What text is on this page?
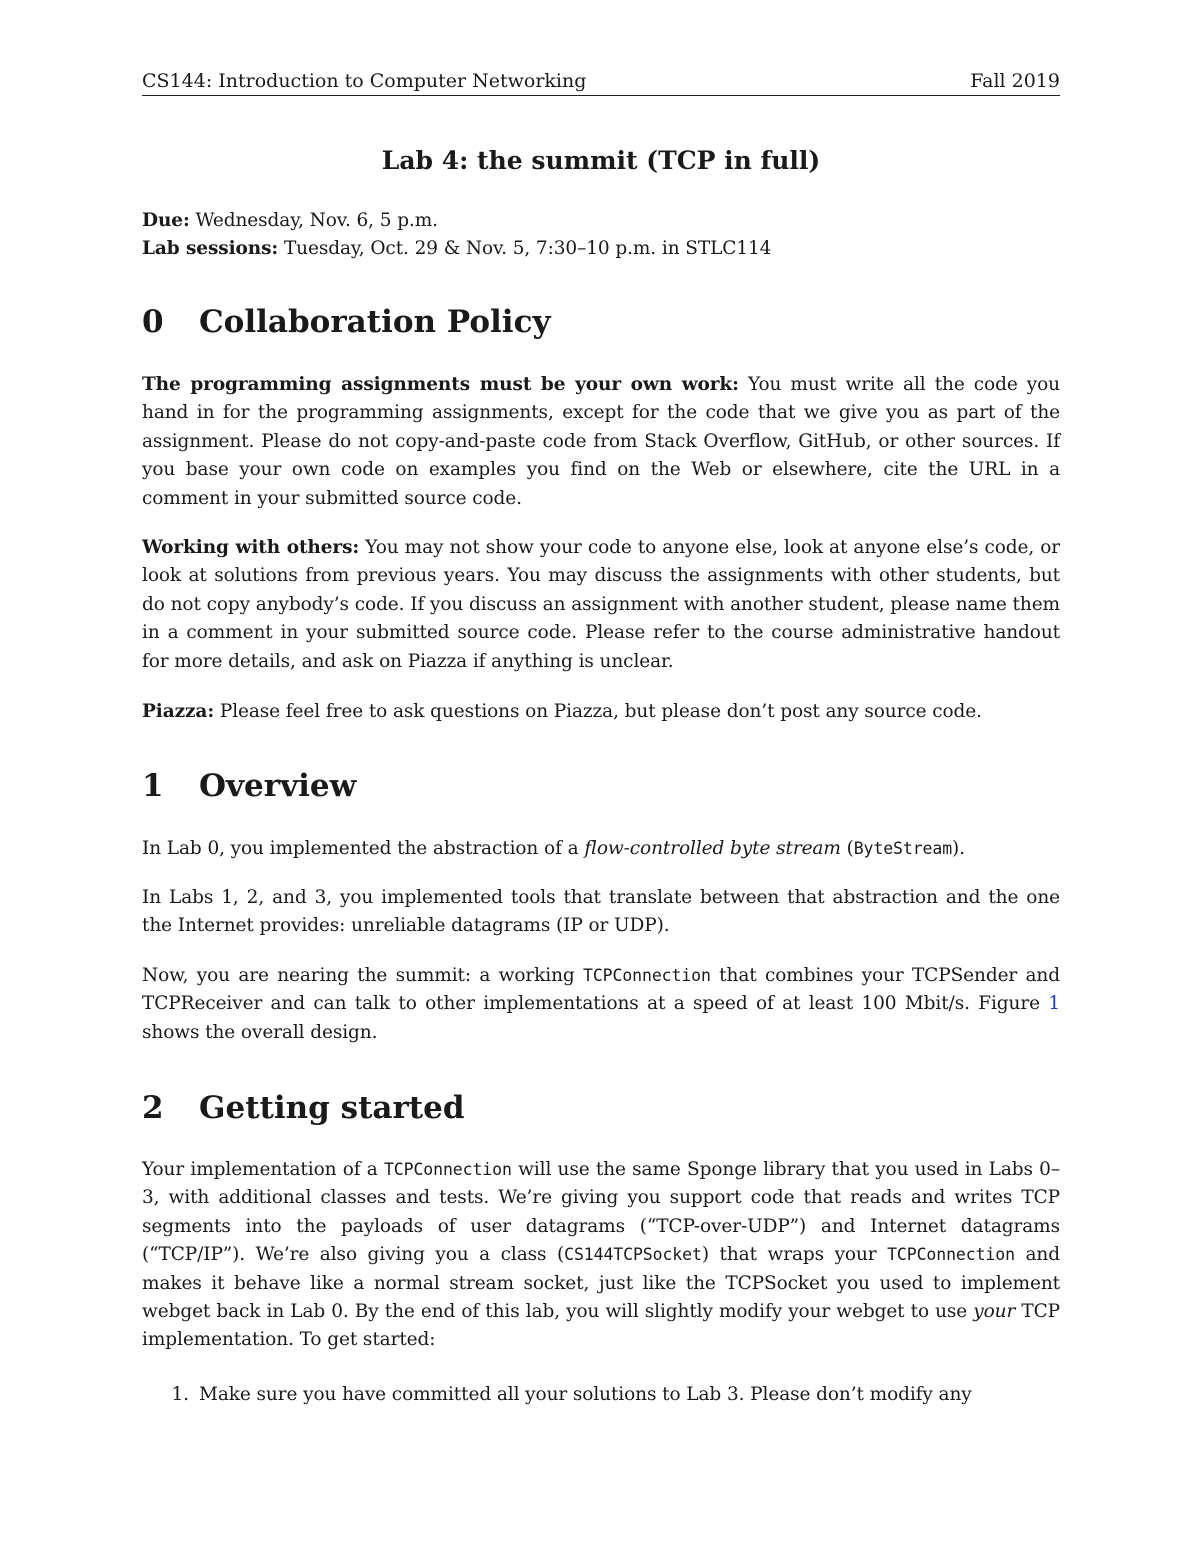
CS144: Introduction to Computer Networking	Fall 2019
Lab 4: the summit (TCP in full)
Due: Wednesday, Nov. 6, 5 p.m.
Lab sessions: Tuesday, Oct. 29 & Nov. 5, 7:30–10 p.m. in STLC114
0	Collaboration Policy

The programming assignments must be your own work: You must write all the code you hand in for the programming assignments, except for the code that we give you as part of the assignment. Please do not copy-and-paste code from Stack Overflow, GitHub, or other sources. If you base your own code on examples you find on the Web or elsewhere, cite the URL in a comment in your submitted source code.

Working with others: You may not show your code to anyone else, look at anyone else’s code, or look at solutions from previous years. You may discuss the assignments with other students, but do not copy anybody’s code. If you discuss an assignment with another student, please name them in a comment in your submitted source code. Please refer to the course administrative handout for more details, and ask on Piazza if anything is unclear.

Piazza: Please feel free to ask questions on Piazza, but please don’t post any source code.

1	Overview

In Lab 0, you implemented the abstraction of a flow-controlled byte stream (ByteStream).

In Labs 1, 2, and 3, you implemented tools that translate between that abstraction and the one the Internet provides: unreliable datagrams (IP or UDP).

Now, you are nearing the summit: a working TCPConnection that combines your TCPSender and TCPReceiver and can talk to other implementations at a speed of at least 100 Mbit/s. Figure 1 shows the overall design.

2	Getting started

Your implementation of a TCPConnection will use the same Sponge library that you used in Labs 0–3, with additional classes and tests. We’re giving you support code that reads and writes TCP segments into the payloads of user datagrams (“TCP-over-UDP”) and Internet datagrams (“TCP/IP”). We’re also giving you a class (CS144TCPSocket) that wraps your TCPConnection and makes it behave like a normal stream socket, just like the TCPSocket you used to implement webget back in Lab 0. By the end of this lab, you will slightly modify your webget to use your TCP implementation. To get started:

1. Make sure you have committed all your solutions to Lab 3. Please don’t modify any
